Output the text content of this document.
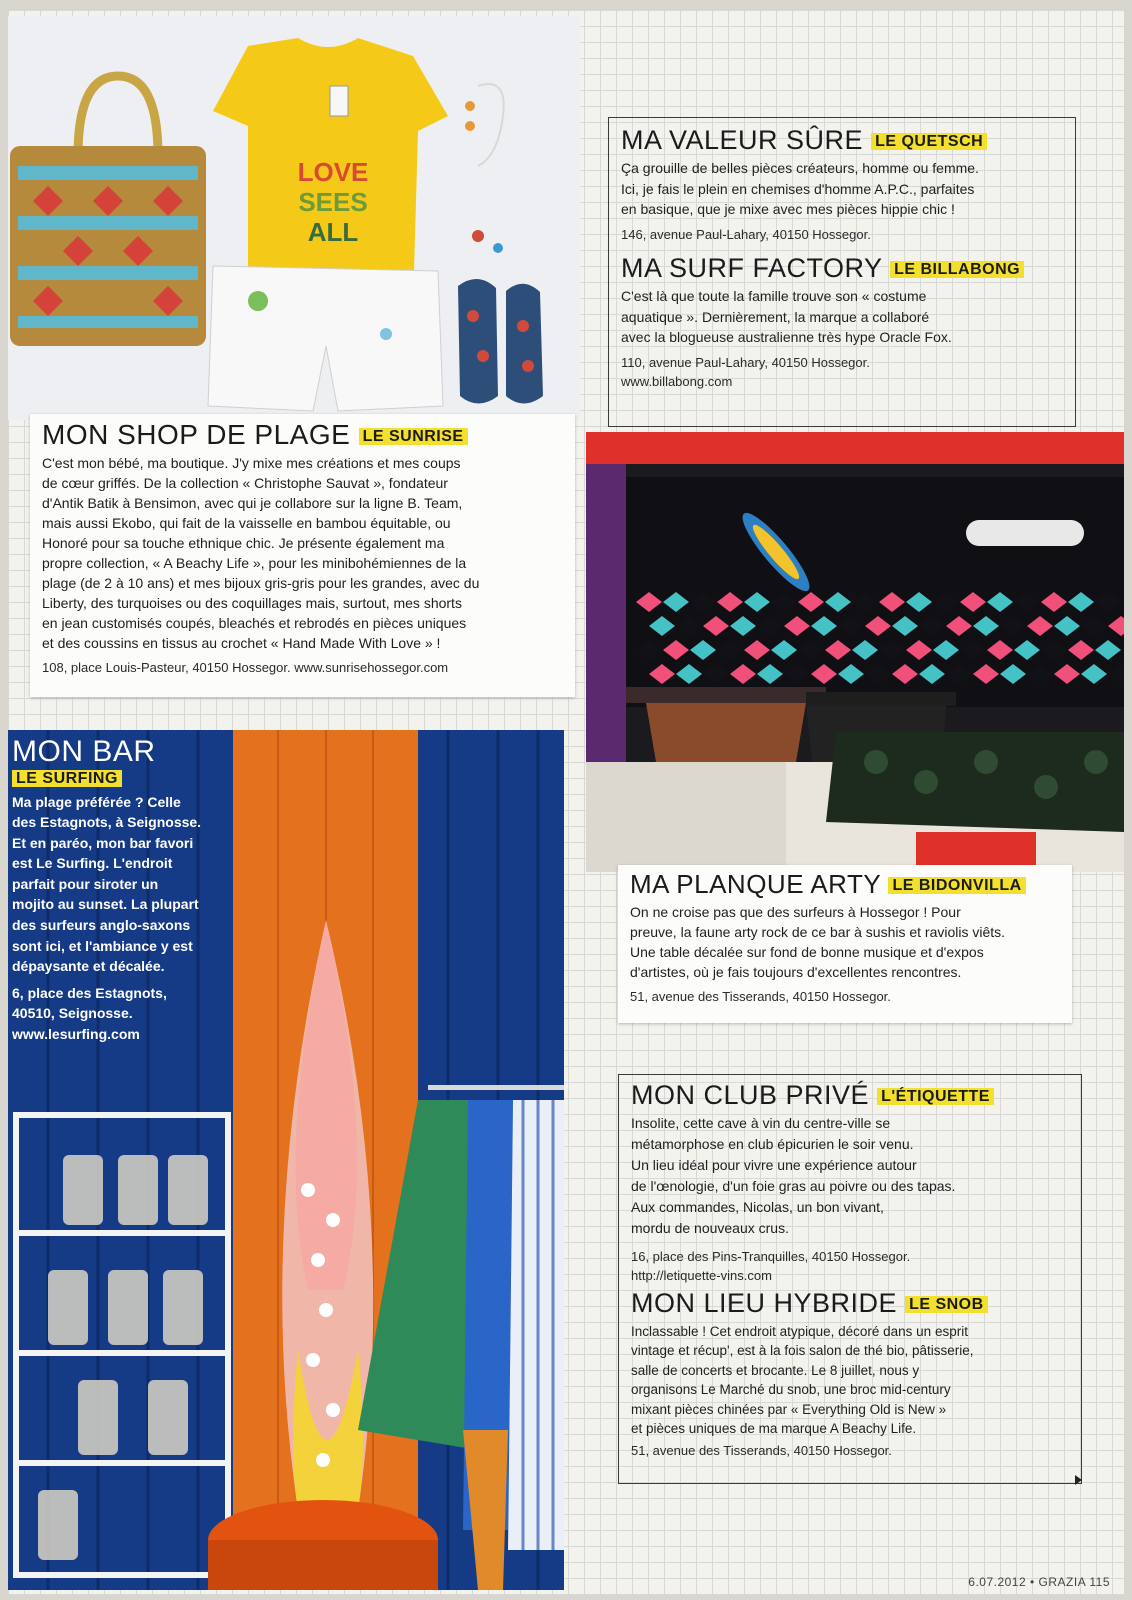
LOVE
SEES
ALL
MA VALEUR SÛRE LE QUETSCH
Ça grouille de belles pièces créateurs, homme ou femme.
Ici, je fais le plein en chemises d'homme A.P.C., parfaites
en basique, que je mixe avec mes pièces hippie chic !
146, avenue Paul-Lahary, 40150 Hossegor.
MA SURF FACTORY LE BILLABONG
C'est là que toute la famille trouve son « costume
aquatique ». Dernièrement, la marque a collaboré
avec la blogueuse australienne très hype Oracle Fox.
110, avenue Paul-Lahary, 40150 Hossegor.
www.billabong.com
MON SHOP DE PLAGE LE SUNRISE
C'est mon bébé, ma boutique. J'y mixe mes créations et mes coups
de cœur griffés. De la collection « Christophe Sauvat », fondateur
d'Antik Batik à Bensimon, avec qui je collabore sur la ligne B. Team,
mais aussi Ekobo, qui fait de la vaisselle en bambou équitable, ou
Honoré pour sa touche ethnique chic. Je présente également ma
propre collection, « A Beachy Life », pour les minibohémiennes de la
plage (de 2 à 10 ans) et mes bijoux gris-gris pour les grandes, avec du
Liberty, des turquoises ou des coquillages mais, surtout, mes shorts
en jean customisés coupés, bleachés et rebrodés en pièces uniques
et des coussins en tissus au crochet « Hand Made With Love » !
108, place Louis-Pasteur, 40150 Hossegor. www.sunrisehossegor.com
MA PLANQUE ARTY LE BIDONVILLA
On ne croise pas que des surfeurs à Hossegor ! Pour
preuve, la faune arty rock de ce bar à sushis et raviolis viêts.
Une table décalée sur fond de bonne musique et d'expos
d'artistes, où je fais toujours d'excellentes rencontres.
51, avenue des Tisserands, 40150 Hossegor.
MON BAR
LE SURFING
Ma plage préférée ? Celle
des Estagnots, à Seignosse.
Et en paréo, mon bar favori
est Le Surfing. L'endroit
parfait pour siroter un
mojito au sunset. La plupart
des surfeurs anglo-saxons
sont ici, et l'ambiance y est
dépaysante et décalée.
6, place des Estagnots,
40510, Seignosse.
www.lesurfing.com
MON CLUB PRIVÉ L'ÉTIQUETTE
Insolite, cette cave à vin du centre-ville se
métamorphose en club épicurien le soir venu.
Un lieu idéal pour vivre une expérience autour
de l'œnologie, d'un foie gras au poivre ou des tapas.
Aux commandes, Nicolas, un bon vivant,
mordu de nouveaux crus.
16, place des Pins-Tranquilles, 40150 Hossegor.
http://letiquette-vins.com
MON LIEU HYBRIDE LE SNOB
Inclassable ! Cet endroit atypique, décoré dans un esprit
vintage et récup', est à la fois salon de thé bio, pâtisserie,
salle de concerts et brocante. Le 8 juillet, nous y
organisons Le Marché du snob, une broc mid-century
mixant pièces chinées par « Everything Old is New »
et pièces uniques de ma marque A Beachy Life.
51, avenue des Tisserands, 40150 Hossegor.
6.07.2012 • GRAZIA 115
